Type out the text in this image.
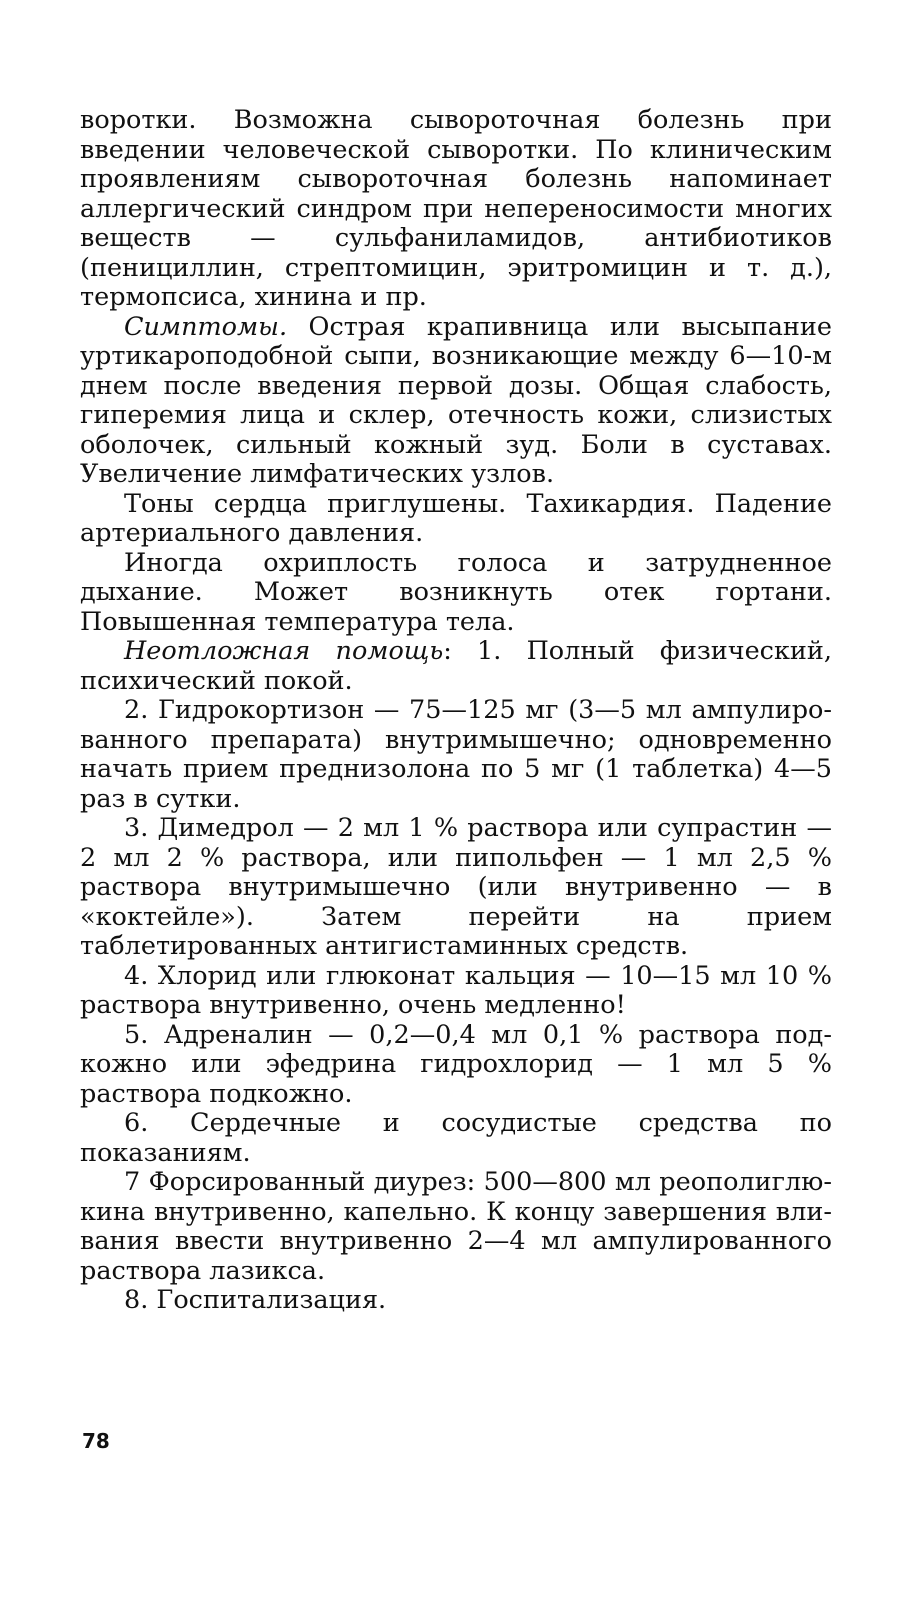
воротки. Возможна сывороточная болезнь при введении человеческой сыворотки. По клиническим проявлениям сывороточная болезнь напоминает аллергический синдром при непереносимости многих веществ — сульфаниламидов, антибиотиков (пенициллин, стрептомицин, эритромицин и т. д.), термопсиса, хинина и пр.

Симптомы. Острая крапивница или высыпание уртикароподобной сыпи, возникающие между 6—10-м днем после введения первой дозы. Общая слабость, гиперемия лица и склер, отечность кожи, слизистых оболочек, сильный кожный зуд. Боли в суставах. Увеличение лимфатических узлов.

Тоны сердца приглушены. Тахикардия. Падение артериального давления.

Иногда охриплость голоса и затрудненное дыхание. Может возникнуть отек гортани. Повышенная температура тела.

Неотложная помощь: 1. Полный физический, психический покой.

2. Гидрокортизон — 75—125 мг (3—5 мл ампулированного препарата) внутримышечно; одновременно начать прием преднизолона по 5 мг (1 таблетка) 4—5 раз в сутки.

3. Димедрол — 2 мл 1 % раствора или супрастин — 2 мл 2 % раствора, или пипольфен — 1 мл 2,5 % раствора внутримышечно (или внутривенно — в «коктейле»). Затем перейти на прием таблетированных антигистаминных средств.

4. Хлорид или глюконат кальция — 10—15 мл 10 % раствора внутривенно, очень медленно!

5. Адреналин — 0,2—0,4 мл 0,1 % раствора подкожно или эфедрина гидрохлорид — 1 мл 5 % раствора подкожно.

6. Сердечные и сосудистые средства по показаниям.

7 Форсированный диурез: 500—800 мл реополиглюкина внутривенно, капельно. К концу завершения вливания ввести внутривенно 2—4 мл ампулированного раствора лазикса.

8. Госпитализация.

78
